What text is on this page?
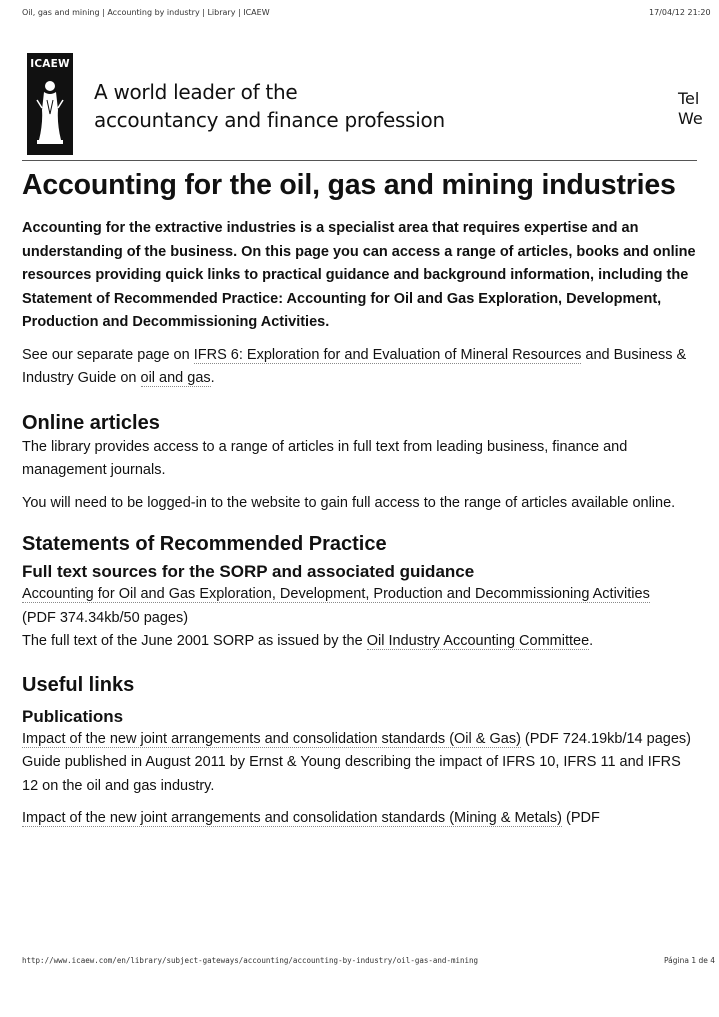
Oil, gas and mining | Accounting by industry | Library | ICAEW	17/04/12 21:20
ICAEW
A world leader of the
accountancy and finance profession
Tel
We
Accounting for the oil, gas and mining industries

Accounting for the extractive industries is a specialist area that requires expertise and an understanding of the business. On this page you can access a range of articles, books and online resources providing quick links to practical guidance and background information, including the Statement of Recommended Practice: Accounting for Oil and Gas Exploration, Development, Production and Decommissioning Activities.

See our separate page on IFRS 6: Exploration for and Evaluation of Mineral Resources and Business & Industry Guide on oil and gas.

Online articles

The library provides access to a range of articles in full text from leading business, finance and management journals.

You will need to be logged-in to the website to gain full access to the range of articles available online.

Statements of Recommended Practice
Full text sources for the SORP and associated guidance

Accounting for Oil and Gas Exploration, Development, Production and Decommissioning Activities

(PDF 374.34kb/50 pages)

The full text of the June 2001 SORP as issued by the Oil Industry Accounting Committee.

Useful links
Publications

Impact of the new joint arrangements and consolidation standards (Oil & Gas) (PDF 724.19kb/14 pages)

Guide published in August 2011 by Ernst & Young describing the impact of IFRS 10, IFRS 11 and IFRS 12 on the oil and gas industry.

Impact of the new joint arrangements and consolidation standards (Mining & Metals) (PDF

http://www.icaew.com/en/library/subject-gateways/accounting/accounting-by-industry/oil-gas-and-mining	Página 1 de 4
